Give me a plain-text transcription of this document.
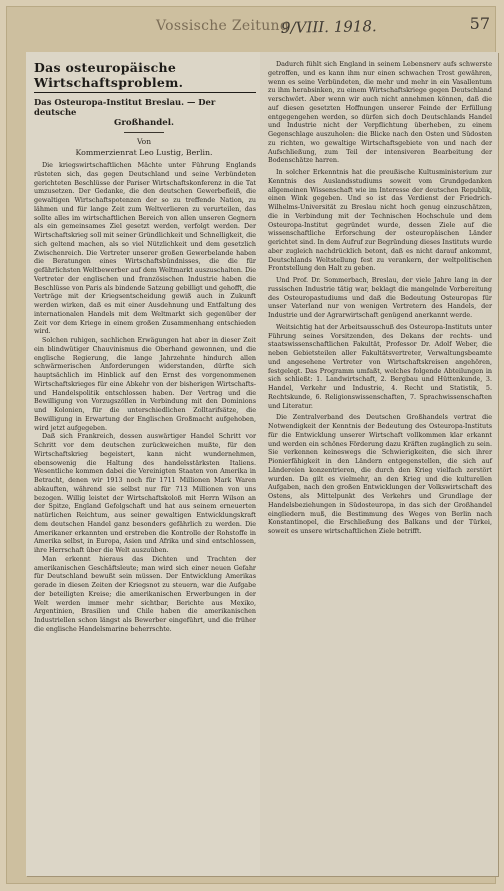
Vossische Zeitung
9/VIII. 1918.	57
Das osteuropäische Wirtschaftsproblem.
Das Osteuropa-Institut Breslau. — Der deutsche
Großhandel.
Von
Kommerzienrat Leo Lustig, Berlin.

Die kriegswirtschaftlichen Mächte unter Führung Englands rüsteten sich, das gegen Deutschland und seine Verbündeten gerichteten Beschlüsse der Pariser Wirtschaftskonferenz in die Tat umzusetzen. Der Gedanke, die den deutschen Gewerbefleiß, die gewaltigen Wirtschaftspotenzen der so zu treffende Nation, zu lähmen und für lange Zeit zum Weltverlieren zu verurteilen, das sollte alles im wirtschaftlichen Bereich von allen unseren Gegnern als ein gemeinsames Ziel gesetzt werden, verfolgt werden. Der Wirtschaftskrieg soll mit seiner Gründlichkeit und Schnelligkeit, die sich geltend machen, als so viel Nützlichkeit und dem gesetzlich Zwischenreich. Die Vertreter unserer großen Gewerbelande haben die Beratungen eines Wirtschaftsbündnisses, die die für gefährlichsten Weltbewerber auf dem Weltmarkt auszuschalten. Die Vertreter der englischen und französischen Industrie haben die Beschlüsse von Paris als bindende Satzung gebilligt und gehofft, die Verträge mit der Kriegsentscheidung gewiß auch in Zukunft werden wirken, daß es mit einer Ausdehnung und Entfaltung des internationalen Handels mit dem Weltmarkt sich gegenüber der Zeit vor dem Kriege in einem großen Zusammenhang entschieden wird.

Solchen ruhigen, sachlichen Erwägungen hat aber in dieser Zeit ein blindwütiger Chauvinismus die Oberhand gewonnen, und die englische Regierung, die lange Jahrzehnte hindurch allen schwärmerischen Anforderungen widerstanden, dürfte sich hauptsächlich im Hinblick auf den Ernst des vorgenommenen Wirtschaftskrieges für eine Abkehr von der bisherigen Wirtschafts- und Handelspolitik entschlossen haben. Der Vertrag und die Bewilligung von Vorzugszöllen in Verbindung mit den Dominions und Kolonien, für die unterschiedlichen Zolltarifsätze, die Bewilligung in Erwartung der Englischen Großmacht aufgehoben, wird jetzt aufgegeben.

Daß sich Frankreich, dessen auswärtiger Handel Schritt vor Schritt vor dem deutschen zurückweichen mußte, für den Wirtschaftskrieg begeistert, kann nicht wundernehmen, ebensowenig die Haltung des handelsstärksten Italiens. Wesentliche kommen dabei die Vereinigten Staaten von Amerika in Betracht, denen wir 1913 noch für 1711 Millionen Mark Waren abkauften, während sie selbst nur für 713 Millionen von uns bezogen. Willig leistet der Wirtschaftskoloß mit Herrn Wilson an der Spitze, England Gefolgschaft und hat aus seinem erneuerten natürlichen Reichtum, aus seiner gewaltigen Entwicklungskraft dem deutschen Handel ganz besonders gefährlich zu werden. Die Amerikaner erkannten und erstreben die Kontrolle der Rohstoffe in Amerika selbst, in Europa, Asien und Afrika und sind entschlossen, ihre Herrschaft über die Welt auszuüben.

Man erkennt hieraus das Dichten und Trachten der amerikanischen Geschäftsleute; man wird sich einer neuen Gefahr für Deutschland bewußt sein müssen. Der Entwicklung Amerikas gerade in diesen Zeiten der Kriegsnot zu steuern, war die Aufgabe der beteiligten Kreise; die amerikanischen Erwerbungen in der Welt werden immer mehr sichtbar, Berichte aus Mexiko, Argentinien, Brasilien und Chile haben die amerikanischen Industriellen schon längst als Bewerber eingeführt, und die früher die englische Handelsmarine beherrschte.

Dadurch fühlt sich England in seinem Lebensnerv aufs schwerste getroffen, und es kann ihm nur einen schwachen Trost gewähren, wenn es seine Verbündeten, die mehr und mehr in ein Vasallentum zu ihm herabsinken, zu einem Wirtschaftskriege gegen Deutschland verschwört. Aber wenn wir auch nicht annehmen können, daß die auf diesen gesetzten Hoffnungen unserer Feinde der Erfüllung entgegengehen werden, so dürfen sich doch Deutschlands Handel und Industrie nicht der Verpflichtung überheben, zu einem Gegenschlage auszuholen: die Blicke nach den Osten und Südosten zu richten, wo gewaltige Wirtschaftsgebiete von und nach der Aufschließung, zum Teil der intensiveren Bearbeitung der Bodenschätze harren.

In solcher Erkenntnis hat die preußische Kultusministerium zur Kenntnis des Auslandsstudiums soweit vom Grundgedanken allgemeinen Wissenschaft wie im Interesse der deutschen Republik, einen Wink gegeben. Und so ist das Verdienst der Friedrich-Wilhelms-Universität zu Breslau nicht hoch genug einzuschätzen, die in Verbindung mit der Technischen Hochschule und dem Osteuropa-Institut gegründet wurde, dessen Ziele auf die wissenschaftliche Erforschung der osteuropäischen Länder gerichtet sind. In dem Aufruf zur Begründung dieses Instituts wurde aber zugleich nachdrücklich betont, daß es nicht darauf ankommt, Deutschlands Weltstellung fest zu verankern, der weltpolitischen Frontstellung den Halt zu geben.

Und Prof. Dr. Sommerbach, Breslau, der viele Jahre lang in der russischen Industrie tätig war, beklagt die mangelnde Vorbereitung des Osteuropastudiums und daß die Bedeutung Osteuropas für unser Vaterland nur von wenigen Vertretern des Handels, der Industrie und der Agrarwirtschaft genügend anerkannt werde.

Weitsichtig hat der Arbeitsausschuß des Osteuropa-Instituts unter Führung seines Vorsitzenden, des Dekans der rechts- und staatswissenschaftlichen Fakultät, Professor Dr. Adolf Weber, die neben Gebietsteilen aller Fakultätsvertreter, Verwaltungsbeamte und angesehene Vertreter von Wirtschaftskreisen angehören, festgelegt. Das Programm umfaßt, welches folgende Abteilungen in sich schließt: 1. Landwirtschaft, 2. Bergbau und Hüttenkunde, 3. Handel, Verkehr und Industrie, 4. Recht und Statistik, 5. Rechtskunde, 6. Religionswissenschaften, 7. Sprachwissenschaften und Literatur.

Die Zentralverband des Deutschen Großhandels vertrat die Notwendigkeit der Kenntnis der Bedeutung des Osteuropa-Instituts für die Entwicklung unserer Wirtschaft vollkommen klar erkannt und werden ein schönes Förderung dazu Kräften zugänglich zu sein. Sie verkennen keineswegs die Schwierigkeiten, die sich ihrer Pionierfähigkeit in den Ländern entgegenstellen, die sich auf Ländereien konzentrieren, die durch den Krieg vielfach zerstört wurden. Da gilt es vielmehr, an den Krieg und die kulturellen Aufgaben, nach den großen Entwicklungen der Volkswirtschaft des Ostens, als Mittelpunkt des Verkehrs und Grundlage der Handelsbeziehungen in Südosteuropa, in das sich der Großhandel eingliedern muß, die Bestimmung des Weges von Berlin nach Konstantinopel, die Erschließung des Balkans und der Türkei, soweit es unsere wirtschaftlichen Ziele betrifft.
